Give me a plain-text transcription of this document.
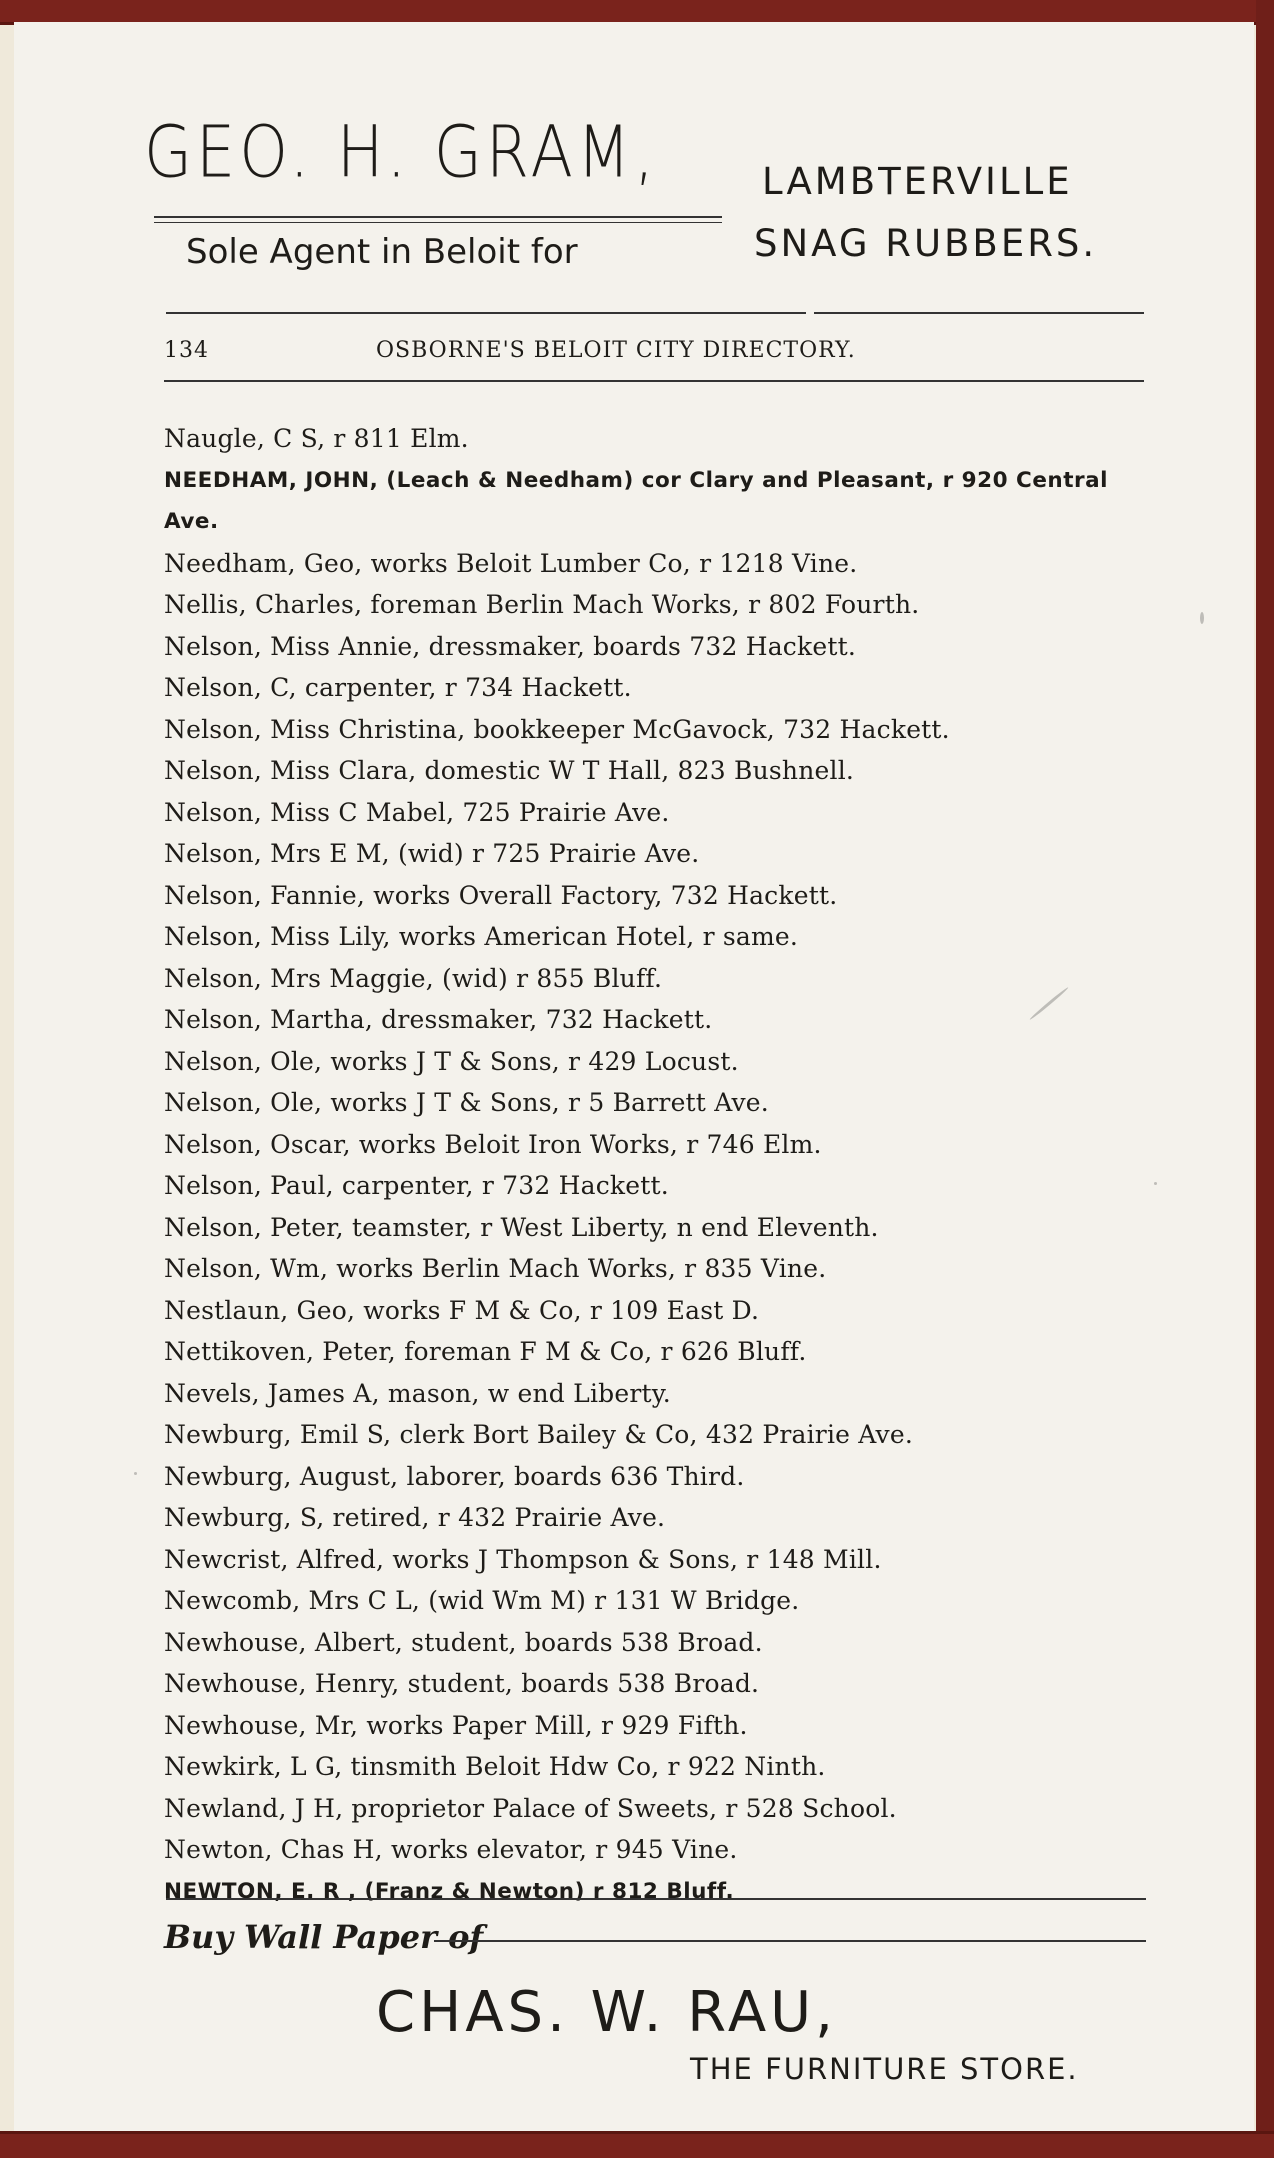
GEO. H. GRAM,	LAMBTERVILLE
Sole Agent in Beloit for	SNAG RUBBERS.
134	OSBORNE'S BELOIT CITY DIRECTORY.
Naugle, C S, r 811 Elm.
NEEDHAM, JOHN, (Leach & Needham) cor Clary and Pleasant, r 920 Central Ave.
Needham, Geo, works Beloit Lumber Co, r 1218 Vine.
Nellis, Charles, foreman Berlin Mach Works, r 802 Fourth.
Nelson, Miss Annie, dressmaker, boards 732 Hackett.
Nelson, C, carpenter, r 734 Hackett.
Nelson, Miss Christina, bookkeeper McGavock, 732 Hackett.
Nelson, Miss Clara, domestic W T Hall, 823 Bushnell.
Nelson, Miss C Mabel, 725 Prairie Ave.
Nelson, Mrs E M, (wid) r 725 Prairie Ave.
Nelson, Fannie, works Overall Factory, 732 Hackett.
Nelson, Miss Lily, works American Hotel, r same.
Nelson, Mrs Maggie, (wid) r 855 Bluff.
Nelson, Martha, dressmaker, 732 Hackett.
Nelson, Ole, works J T & Sons, r 429 Locust.
Nelson, Ole, works J T & Sons, r 5 Barrett Ave.
Nelson, Oscar, works Beloit Iron Works, r 746 Elm.
Nelson, Paul, carpenter, r 732 Hackett.
Nelson, Peter, teamster, r West Liberty, n end Eleventh.
Nelson, Wm, works Berlin Mach Works, r 835 Vine.
Nestlaun, Geo, works F M & Co, r 109 East D.
Nettikoven, Peter, foreman F M & Co, r 626 Bluff.
Nevels, James A, mason, w end Liberty.
Newburg, Emil S, clerk Bort Bailey & Co, 432 Prairie Ave.
Newburg, August, laborer, boards 636 Third.
Newburg, S, retired, r 432 Prairie Ave.
Newcrist, Alfred, works J Thompson & Sons, r 148 Mill.
Newcomb, Mrs C L, (wid Wm M) r 131 W Bridge.
Newhouse, Albert, student, boards 538 Broad.
Newhouse, Henry, student, boards 538 Broad.
Newhouse, Mr, works Paper Mill, r 929 Fifth.
Newkirk, L G, tinsmith Beloit Hdw Co, r 922 Ninth.
Newland, J H, proprietor Palace of Sweets, r 528 School.
Newton, Chas H, works elevator, r 945 Vine.
NEWTON, E. R , (Franz & Newton) r 812 Bluff.
Buy Wall Paper of
CHAS. W. RAU,
THE FURNITURE STORE.
